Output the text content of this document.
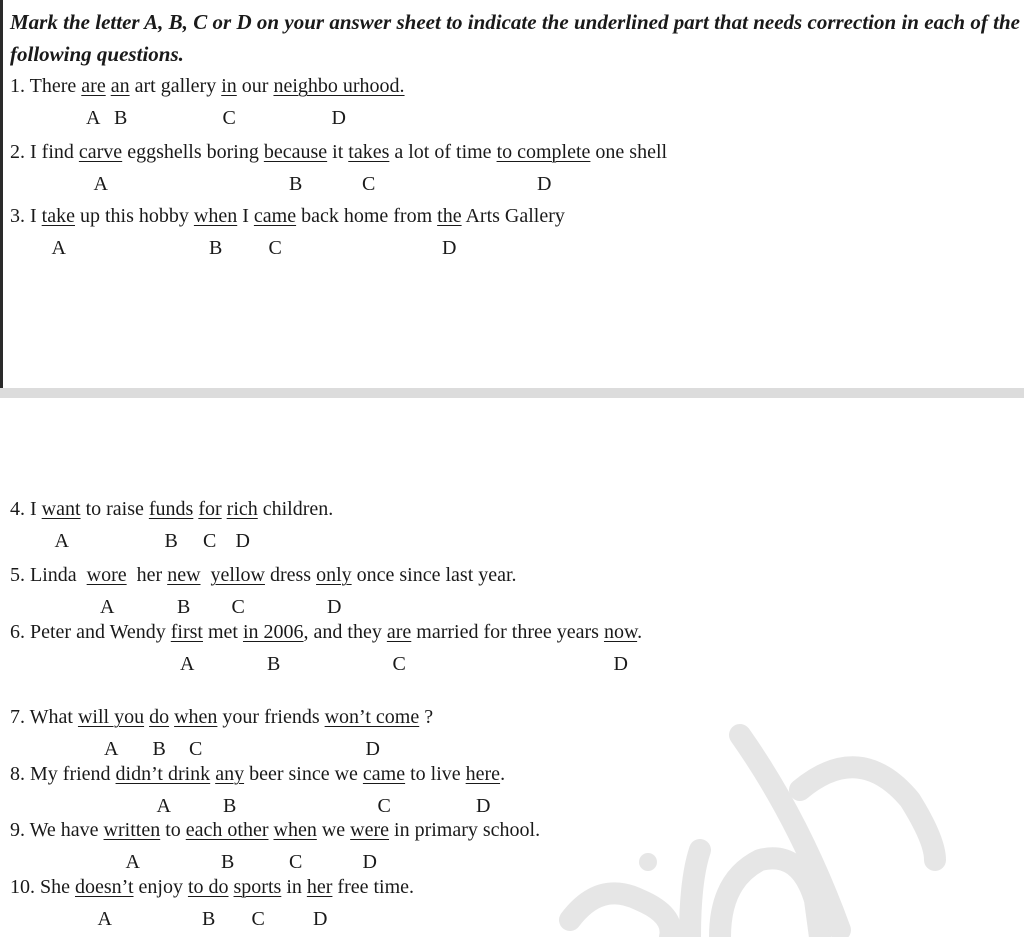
Mark the letter A, B, C or D on your answer sheet to indicate the underlined part that needs correction in each of the following questions.
1. There are an art gallery in our neighbo urhood.
A B	C	D
2. I find carve eggshells boring because it takes a lot of time to complete one shell
A	B	C	D
3. I take up this hobby when I came back home from the Arts Gallery
A	B C	D
4. I want to raise funds for rich children.
A	B C D
5. Linda  wore  her new yellow dress only once since last year.
A	B C	D
6. Peter and Wendy first met in 2006, and they are married for three years now.
A	B	C	D
7. What will you do when your friends won’t come ?
A B C	D
8. My friend didn’t drink any beer since we came to live here.
A	B	C	D
9. We have written to each other when we were in primary school.
A	B	C	D
10. She doesn’t enjoy to do sports in her free time.
A	B C D
